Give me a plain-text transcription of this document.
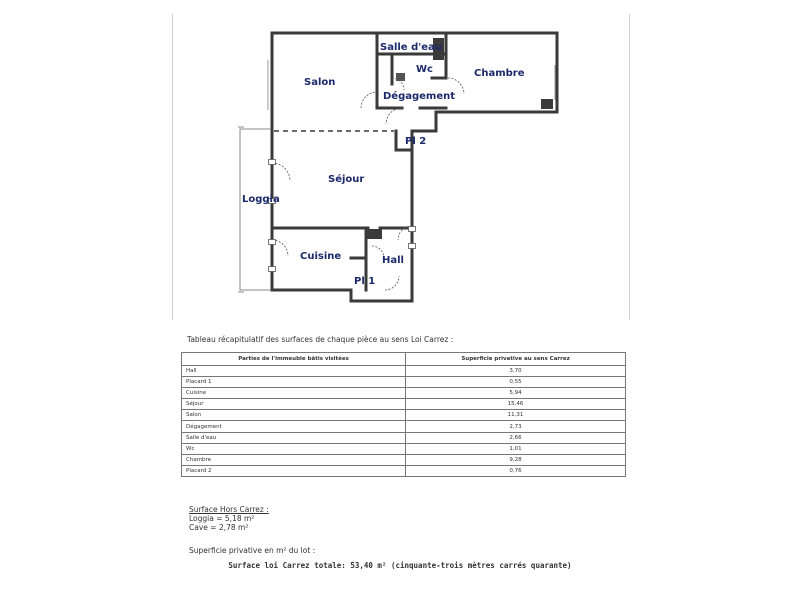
Salle d'eau
Salon
Wc	Chambre
Dégagement
Pl 2
Séjour
Loggia
Cuisine	Hall
Pl 1
Tableau récapitulatif des surfaces de chaque pièce au sens Loi Carrez :
Parties de l'immeuble bâtis visitées	Superficie privative au sens Carrez
Hall	3,70
Placard 1	0,55
Cuisine	5,94
Séjour	15,46
Salon	11,31
Dégagement	2,73
Salle d'eau	2,66
Wc	1,01
Chambre	9,28
Placard 2	0,76
Surface Hors Carrez :
Loggia = 5,18 m²
Cave = 2,78 m²
Superficie privative en m² du lot :
Surface loi Carrez totale: 53,40 m² (cinquante-trois mètres carrés quarante)
